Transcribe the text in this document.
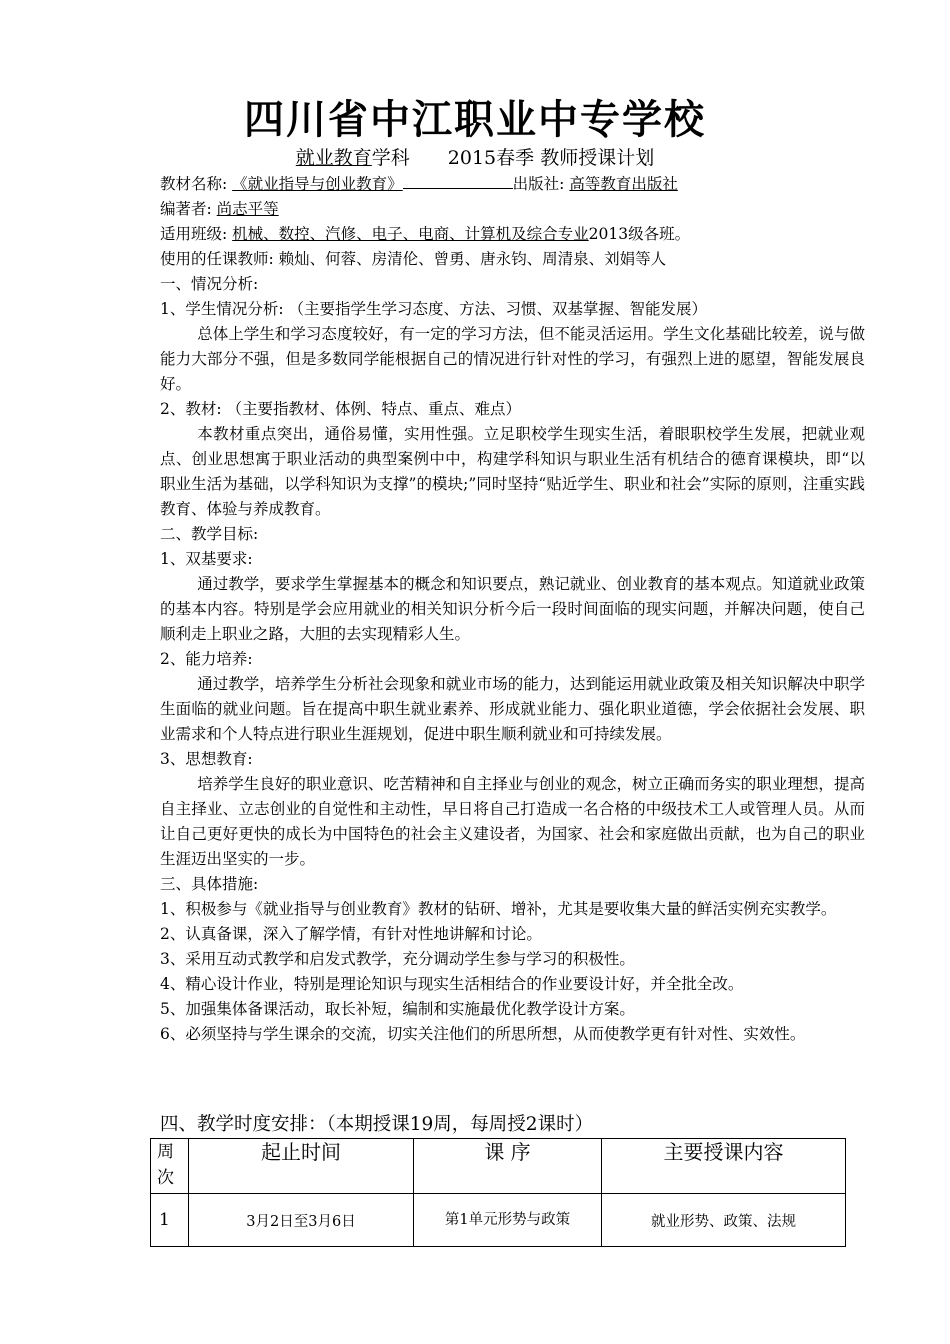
四川省中江职业中专学校
就业教育学科　　2015春季 教师授课计划

教材名称: 《就业指导与创业教育》	出版社: 高等教育出版社

编著者: 尚志平等

适用班级: 机械、数控、汽修、电子、电商、计算机及综合专业2013级各班。

使用的任课教师: 赖灿、何蓉、房清伦、曾勇、唐永钧、周清泉、刘娟等人

一、情况分析:

1、学生情况分析: （主要指学生学习态度、方法、习惯、双基掌握、智能发展）

总体上学生和学习态度较好，有一定的学习方法，但不能灵活运用。学生文化基础比较差，说与做能力大部分不强，但是多数同学能根据自己的情况进行针对性的学习，有强烈上进的愿望，智能发展良好。

2、教材: （主要指教材、体例、特点、重点、难点）

本教材重点突出，通俗易懂，实用性强。立足职校学生现实生活，着眼职校学生发展，把就业观点、创业思想寓于职业活动的典型案例中中，构建学科知识与职业生活有机结合的德育课模块，即“以职业生活为基础，以学科知识为支撑”的模块;”同时坚持“贴近学生、职业和社会”实际的原则，注重实践教育、体验与养成教育。

二、教学目标:

1、双基要求:

通过教学，要求学生掌握基本的概念和知识要点，熟记就业、创业教育的基本观点。知道就业政策的基本内容。特别是学会应用就业的相关知识分析今后一段时间面临的现实问题，并解决问题，使自己顺利走上职业之路，大胆的去实现精彩人生。

2、能力培养:

通过教学，培养学生分析社会现象和就业市场的能力，达到能运用就业政策及相关知识解决中职学生面临的就业问题。旨在提高中职生就业素养、形成就业能力、强化职业道德，学会依据社会发展、职业需求和个人特点进行职业生涯规划，促进中职生顺利就业和可持续发展。

3、思想教育:

培养学生良好的职业意识、吃苦精神和自主择业与创业的观念，树立正确而务实的职业理想，提高自主择业、立志创业的自觉性和主动性，早日将自己打造成一名合格的中级技术工人或管理人员。从而让自己更好更快的成长为中国特色的社会主义建设者，为国家、社会和家庭做出贡献，也为自己的职业生涯迈出坚实的一步。

三、具体措施:

1、积极参与《就业指导与创业教育》教材的钻研、增补，尤其是要收集大量的鲜活实例充实教学。

2、认真备课，深入了解学情，有针对性地讲解和讨论。

3、采用互动式教学和启发式教学，充分调动学生参与学习的积极性。

4、精心设计作业，特别是理论知识与现实生活相结合的作业要设计好，并全批全改。

5、加强集体备课活动，取长补短，编制和实施最优化教学设计方案。

6、必须坚持与学生课余的交流，切实关注他们的所思所想，从而使教学更有针对性、实效性。

四、教学时度安排：（本期授课19周，每周授2课时）
周次	起止时间	课 序	主要授课内容
1	3月2日至3月6日	第1单元形势与政策	就业形势、政策、法规
